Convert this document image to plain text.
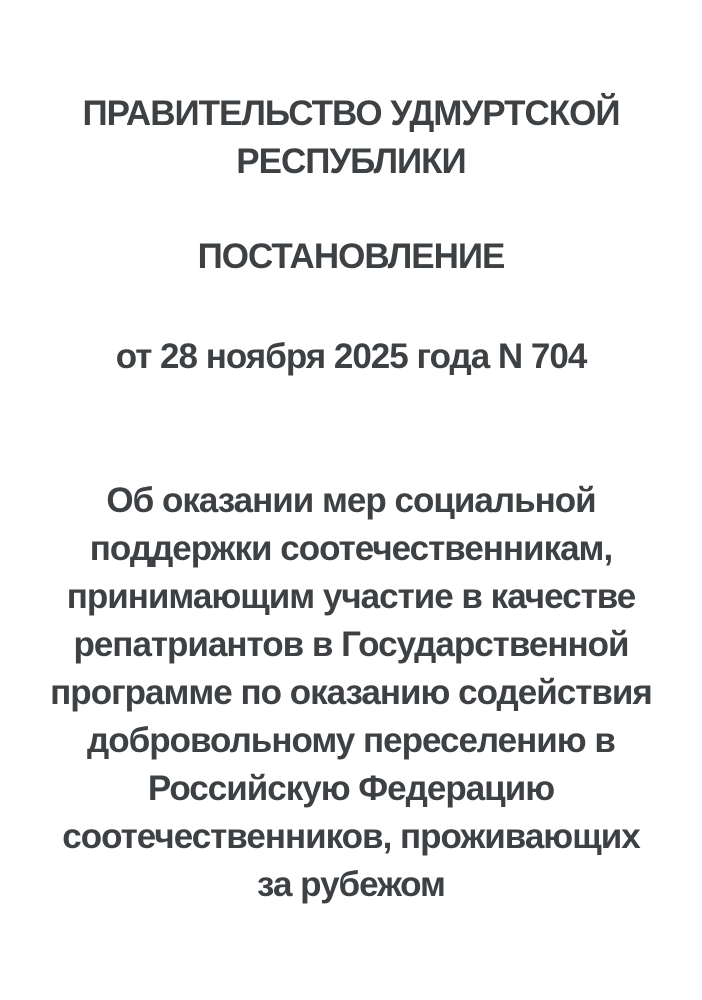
ПРАВИТЕЛЬСТВО УДМУРТСКОЙ
РЕСПУБЛИКИ
ПОСТАНОВЛЕНИЕ
от 28 ноября 2025 года N 704
Об оказании мер социальной
поддержки соотечественникам,
принимающим участие в качестве
репатриантов в Государственной
программе по оказанию содействия
добровольному переселению в
Российскую Федерацию
соотечественников, проживающих
за рубежом
